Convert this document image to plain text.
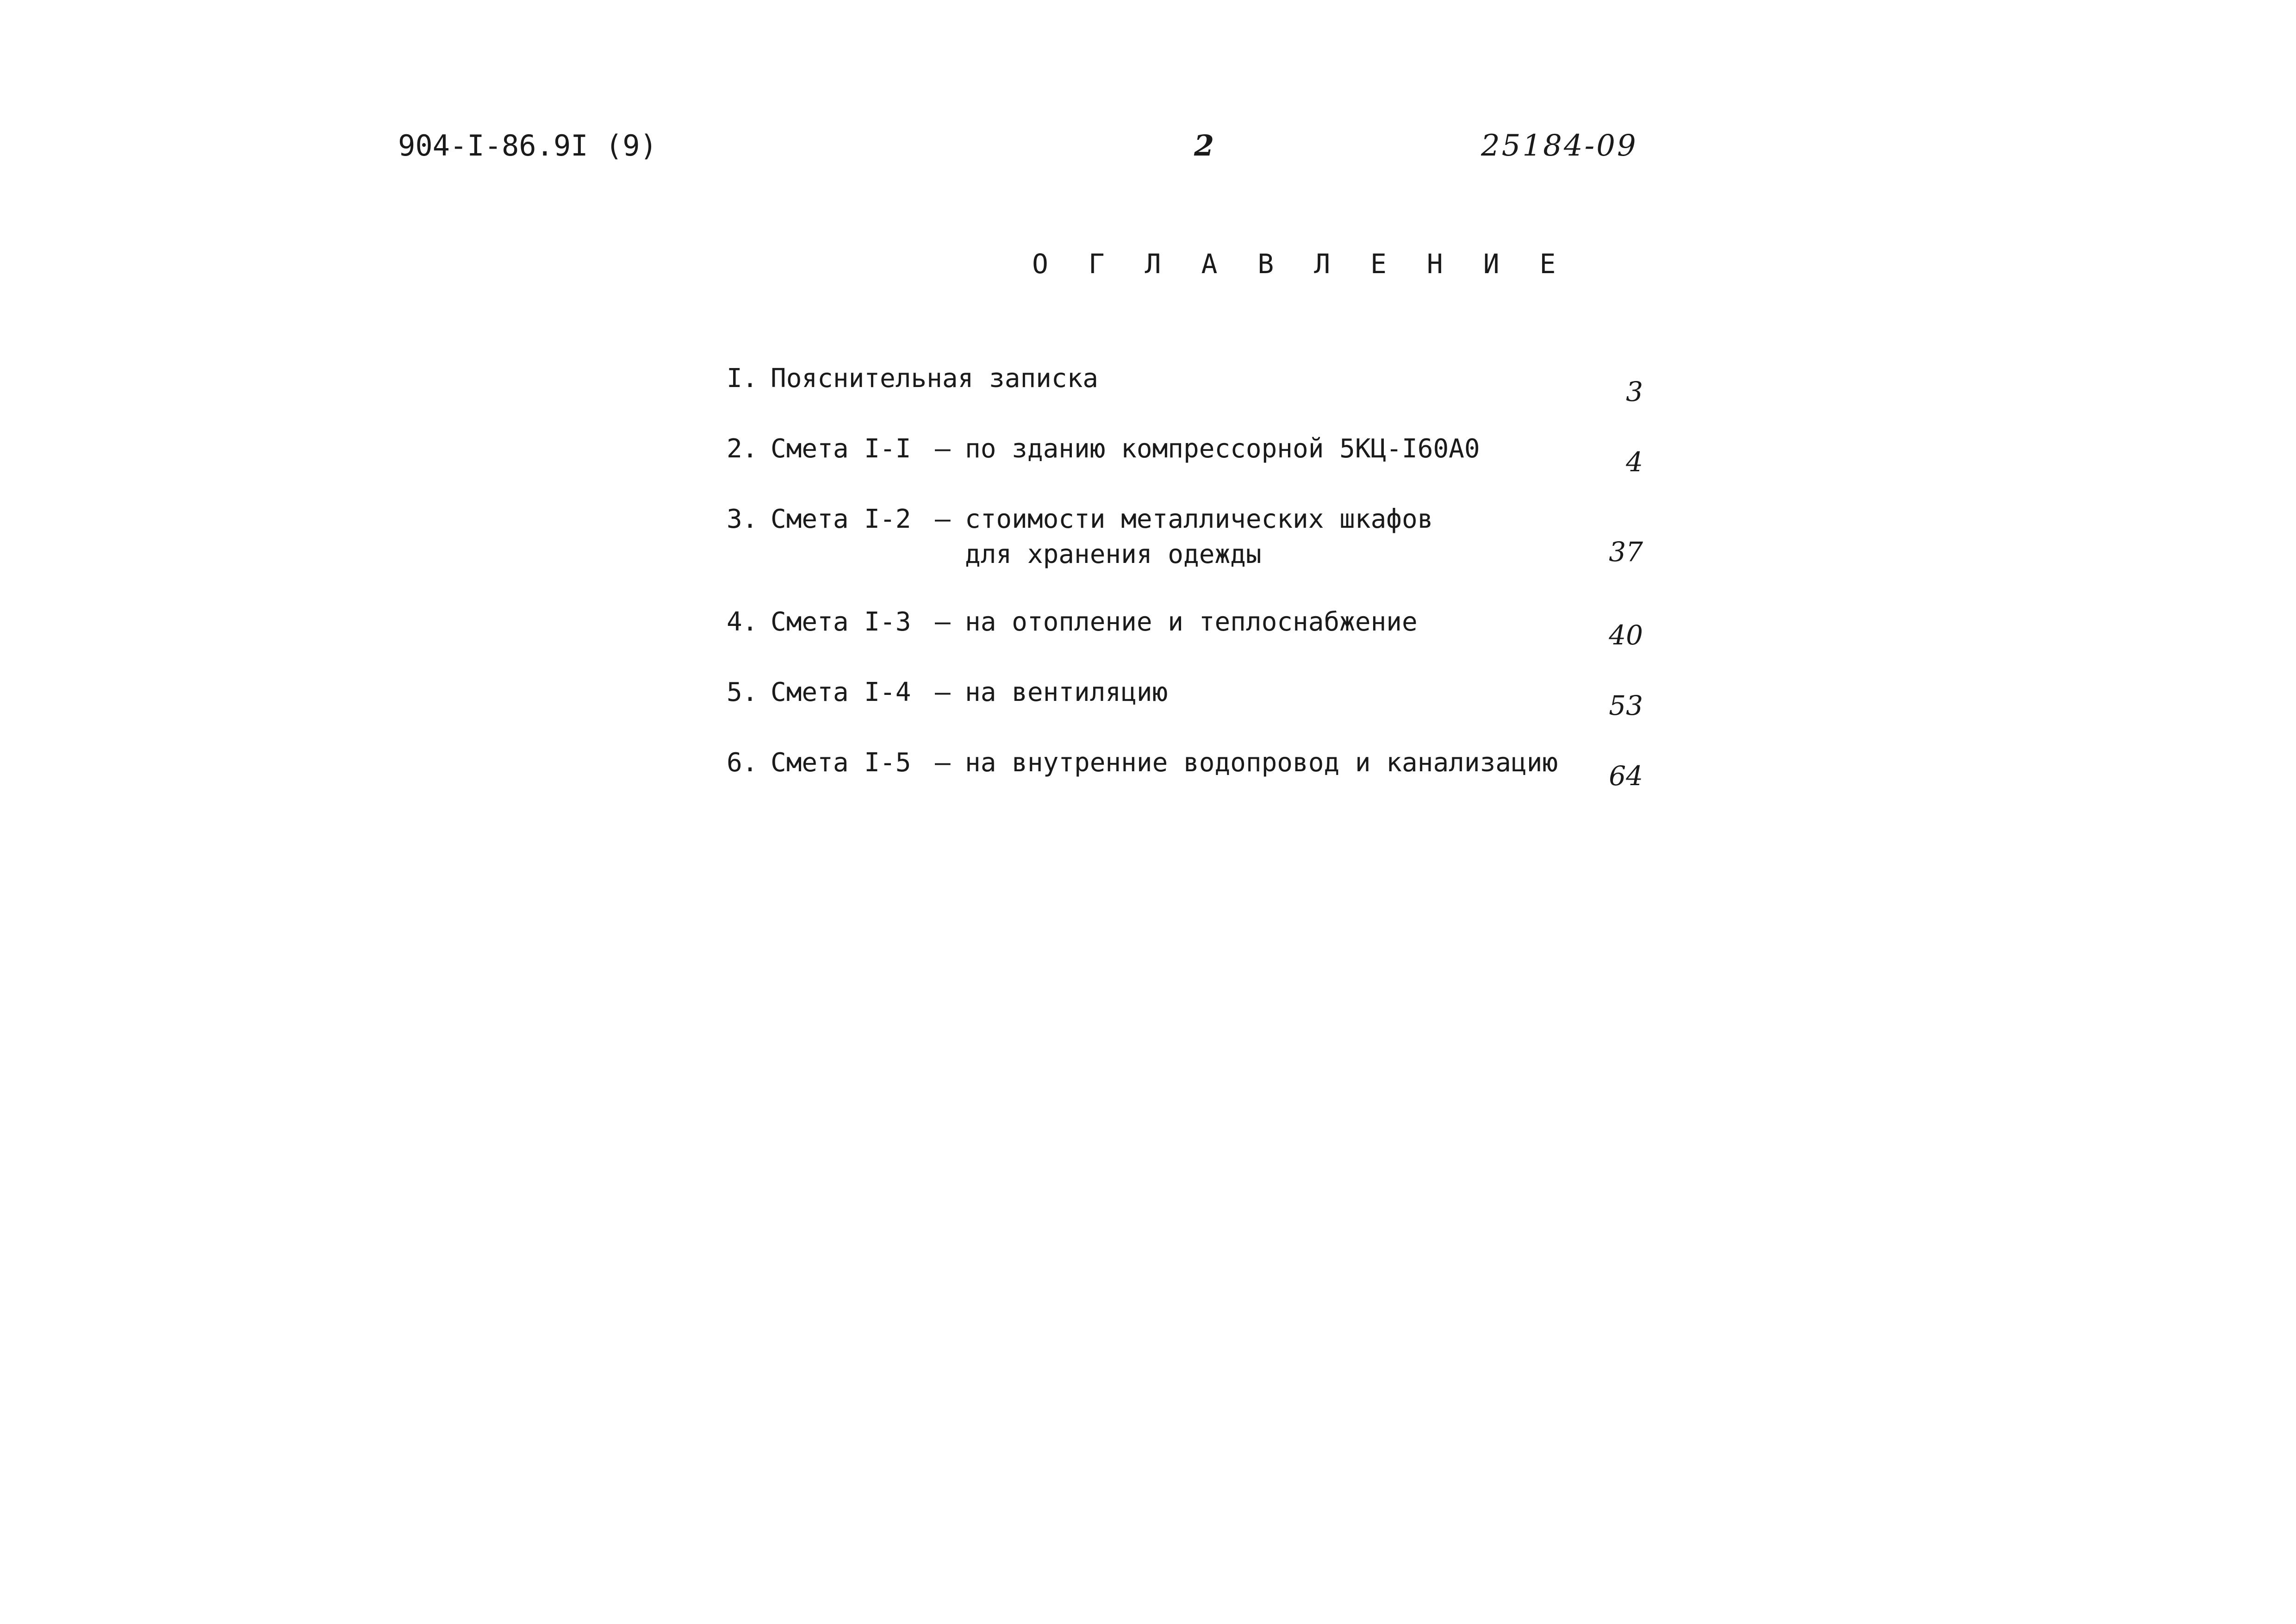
904-I-86.9I (9)	2	25184-09
О Г Л А В Л Е Н И Е
I. Пояснительная записка	3
2. Смета I-I – по зданию компрессорной 5КЦ-I60А0	4
3. Смета I-2 – стоимости металлических шкафов
для хранения одежды	37
4. Смета I-3 – на отопление и теплоснабжение	40
5. Смета I-4 – на вентиляцию	53
6. Смета I-5 – на внутренние водопровод и канализацию 64
